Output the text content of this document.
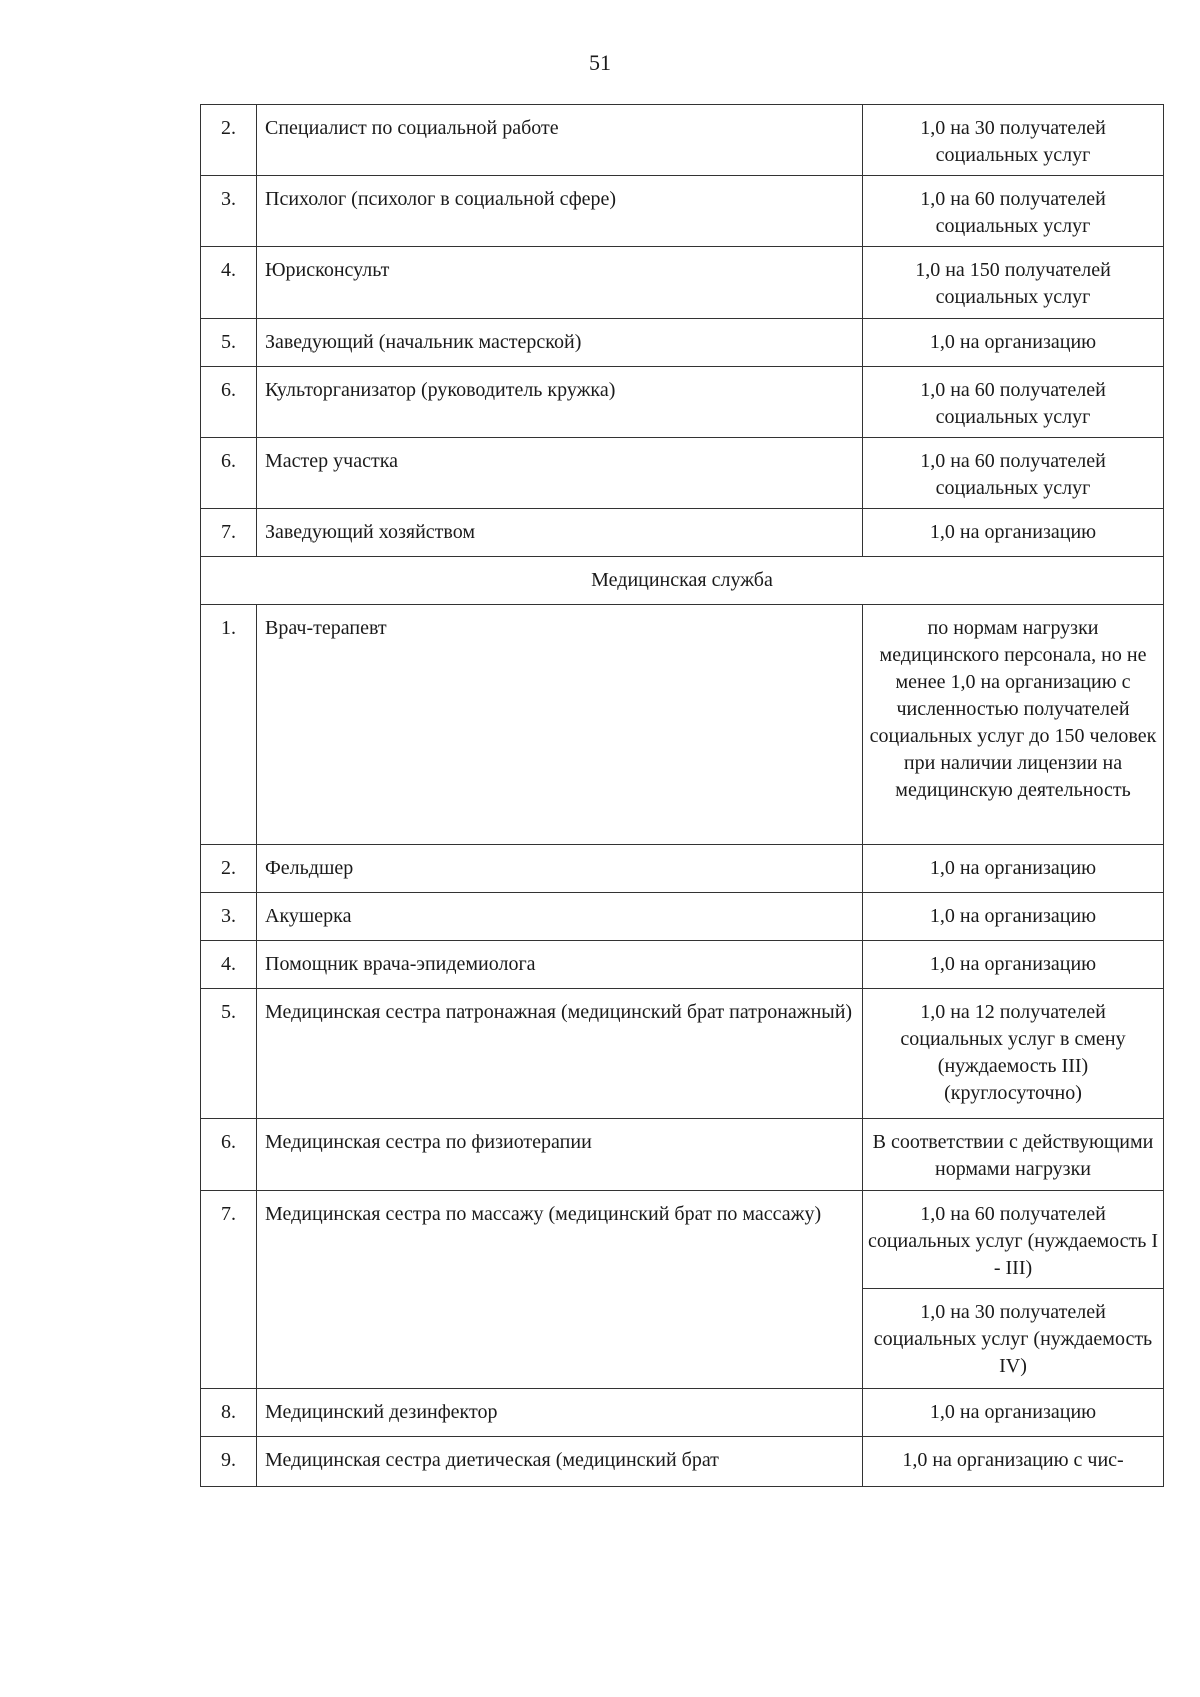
51
2.	Специалист по социальной работе	1,0 на 30 получателей социальных услуг
3.	Психолог (психолог в социальной сфере)	1,0 на 60 получателей социальных услуг
4.	Юрисконсульт	1,0 на 150 получателей социальных услуг
5.	Заведующий (начальник мастерской)	1,0 на организацию
6.	Культорганизатор (руководитель кружка)	1,0 на 60 получателей социальных услуг
6.	Мастер участка	1,0 на 60 получателей социальных услуг
7.	Заведующий хозяйством	1,0 на организацию
Медицинская служба		
1.	Врач-терапевт	по нормам нагрузки медицинского персонала, но не менее 1,0 на организацию с численностью получателей социальных услуг до 150 человек при наличии лицензии на медицинскую деятельность
2.	Фельдшер	1,0 на организацию
3.	Акушерка	1,0 на организацию
4.	Помощник врача-эпидемиолога	1,0 на организацию
5.	Медицинская сестра патронажная (медицинский брат патронажный)	1,0 на 12 получателей социальных услуг в смену (нуждаемость III) (круглосуточно)
6.	Медицинская сестра по физиотерапии	В соответствии с действующими нормами нагрузки
7.	Медицинская сестра по массажу (медицинский брат по массажу)	1,0 на 60 получателей социальных услуг (нуждаемость I - III)
		1,0 на 30 получателей социальных услуг (нуждаемость IV)
8.	Медицинский дезинфектор	1,0 на организацию
9.	Медицинская сестра диетическая (медицинский брат	1,0 на организацию с чис-
